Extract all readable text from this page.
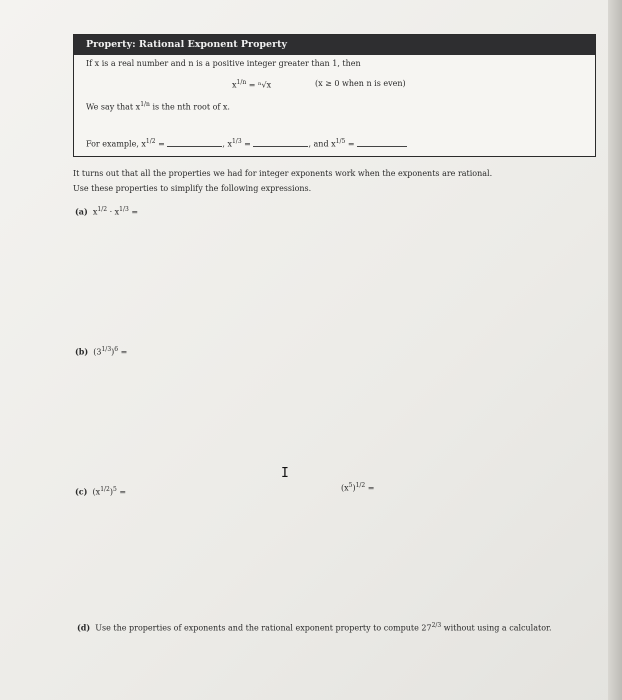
Property: Rational Exponent Property
If x is a real number and n is a positive integer greater than 1, then
$x^{1/n} = ^n√x$	(x ≥ 0 when n is even)
We say that $x^{1/n}$ is the nth root of x.
For example, $x^{1/2}$ =	, $x^{1/3}$ =	, and $x^{1/5}$ =
It turns out that all the properties we had for integer exponents work when the exponents are rational.
Use these properties to simplify the following expressions.
(a) $x^{1/2} \cdot x^{1/3}$ =
(b) $(3^{1/3})^6$ =
I
(c) $(x^{1/2})^5$ =	$(x^5)^{1/2}$ =
(d) Use the properties of exponents and the rational exponent property to compute $27^{2/3}$ without using a calculator.
